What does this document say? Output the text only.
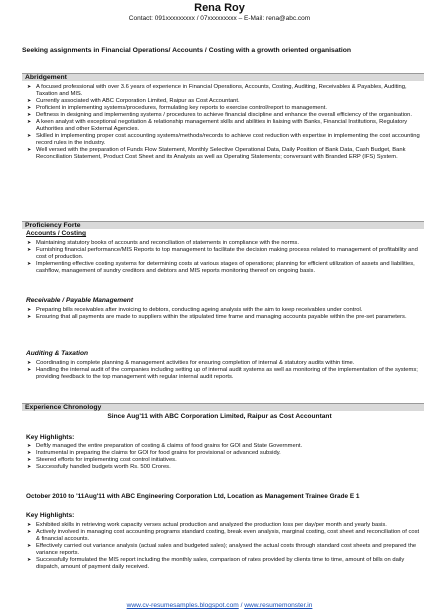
Rena Roy
Contact: 091xxxxxxxxx / 07xxxxxxxxx – E-Mail: rena@abc.com
Seeking assignments in Financial Operations/ Accounts / Costing with a growth oriented organisation
Abridgement
➤ A focused professional with over 3.6 years of experience in Financial Operations, Accounts, Costing, Auditing, Receivables & Payables, Auditing, Taxation and MIS.
➤ Currently associated with ABC Corporation Limited, Raipur as Cost Accountant.
➤ Proficient in implementing systems/procedures, formulating key reports to exercise control/report to management.
➤ Deftness in designing and implementing systems / procedures to achieve financial discipline and enhance the overall efficiency of the organisation.
➤ A keen analyst with exceptional negotiation & relationship management skills and abilities in liaising with Banks, Financial Institutions, Regulatory Authorities and other External Agencies.
➤ Skilled in implementing proper cost accounting systems/methods/records to achieve cost reduction with expertise in implementing the cost accounting record rules in the industry.
➤ Well versed with the preparation of Funds Flow Statement, Monthly Selective Operational Data, Daily Position of Bank Data, Cash Budget, Bank Reconciliation Statement, Product Cost Sheet and its Analysis as well as Operating Statements; conversant with Branded ERP (IFS) System.
Proficiency Forte
Accounts / Costing
➤ Maintaining statutory books of accounts and reconciliation of statements in compliance with the norms.
➤ Furnishing financial performance/MIS Reports to top management to facilitate the decision making process related to management of profitability and cost of production.
➤ Implementing effective costing systems for determining costs at various stages of operations; planning for efficient utilization of assets and liabilities, cashflow, management of sundry creditors and debtors and MIS reports monitoring thereof on ongoing basis.
Receivable / Payable Management
➤ Preparing bills receivables after invoicing to debtors, conducting ageing analysis with the aim to keep receivables under control.
➤ Ensuring that all payments are made to suppliers within the stipulated time frame and managing accounts payable within the pre-set parameters.
Auditing & Taxation
➤ Coordinating in complete planning & management activities for ensuring completion of internal & statutory audits within time.
➤ Handling the internal audit of the companies including setting up of internal audit systems as well as monitoring of the implementation of the systems; providing feedback to the top management with regular internal audit reports.
Experience Chronology
Since Aug'11 with ABC Corporation Limited, Raipur as Cost Accountant
Key Highlights:
➤ Deftly managed the entire preparation of costing & claims of food grains for GOI and State Government.
➤ Instrumental in preparing the claims for GOI for food grains for provisional or advanced subsidy.
➤ Steered efforts for implementing cost control initiatives.
➤ Successfully handled budgets worth Rs. 500 Crores.
October 2010 to '11Aug'11 with ABC Engineering Corporation Ltd, Location as Management Trainee Grade E 1
Key Highlights:
➤ Exhibited skills in retrieving work capacity verses actual production and analyzed the production loss per day/per month and yearly basis.
➤ Actively involved in managing cost accounting programs standard costing, break even analysis, marginal costing, cost sheet and reconciliation of cost & financial accounts.
➤ Effectively carried out variance analysis (actual sales and budgeted sales); analysed the actual costs through standard cost sheets and prepared the variance reports.
➤ Successfully formulated the MIS report including the monthly sales, comparison of rates provided by clients time to time, amount of bills on daily dispatch, amount of payment daily received.
www.cv-resumesamples.blogspot.com / www.resumemonster.in
